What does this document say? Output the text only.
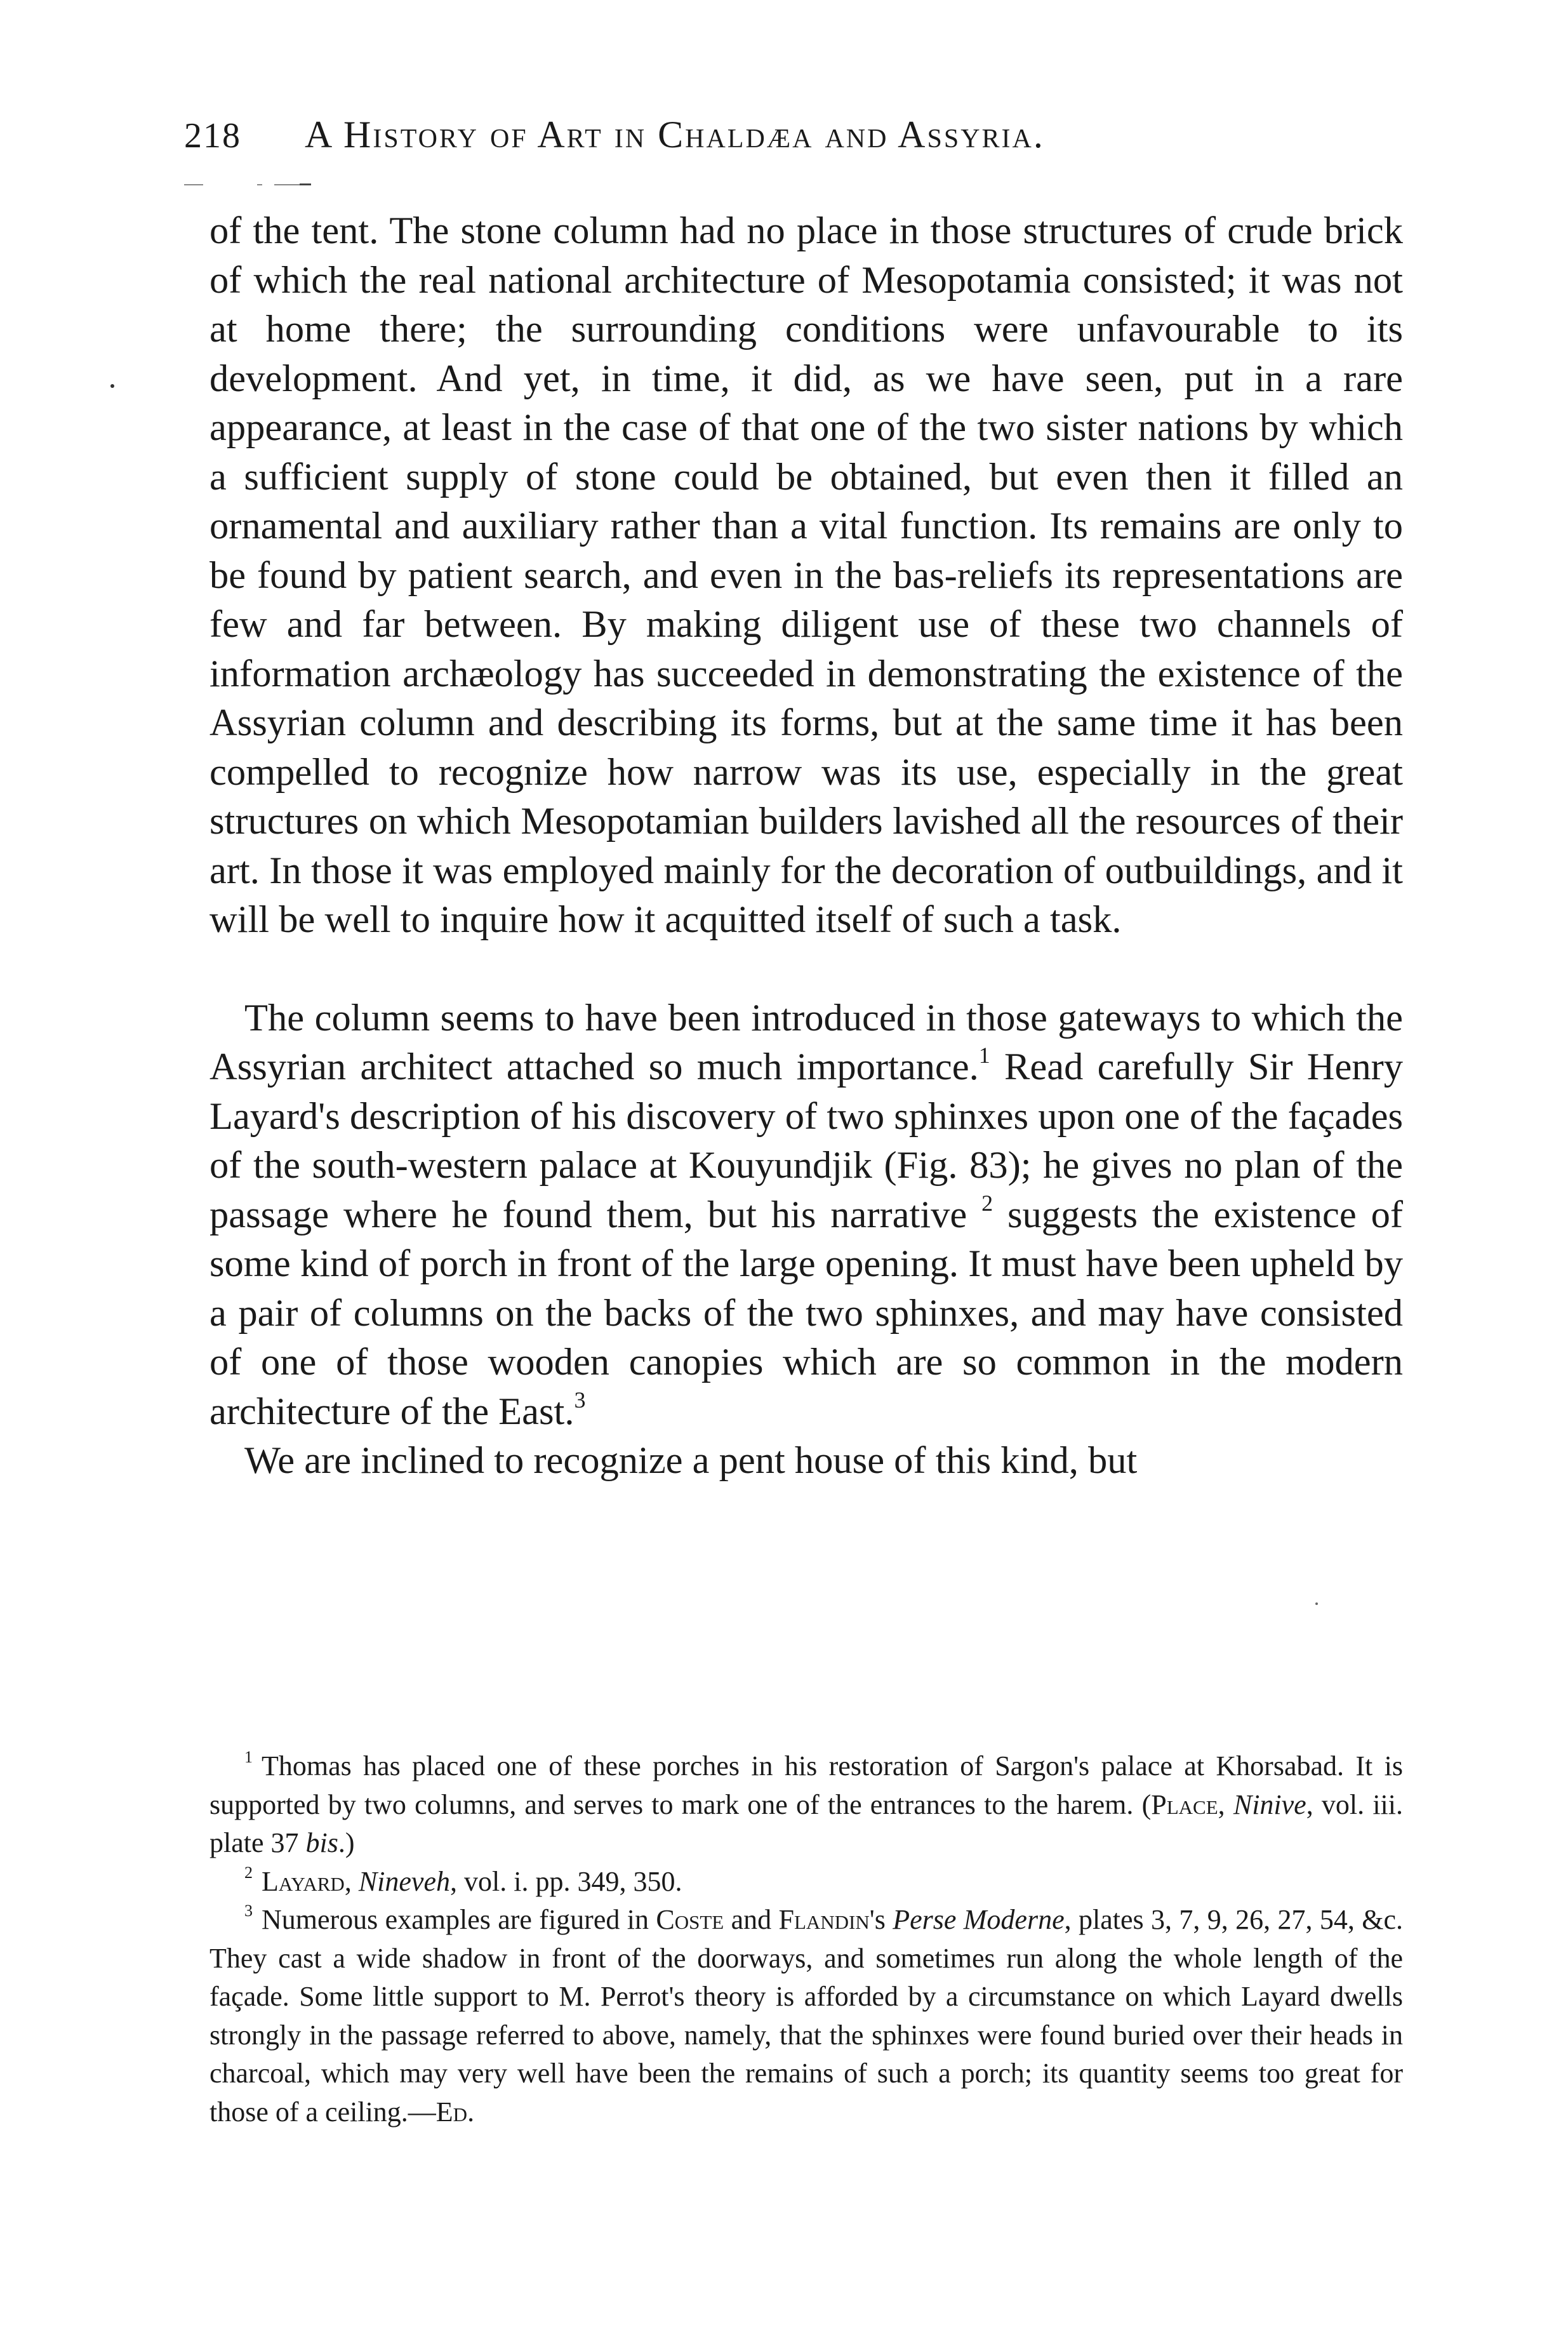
218	A History of Art in Chaldæa and Assyria.

of the tent. The stone column had no place in those structures of crude brick of which the real national architecture of Mesopotamia consisted; it was not at home there; the surrounding conditions were unfavourable to its development. And yet, in time, it did, as we have seen, put in a rare appearance, at least in the case of that one of the two sister nations by which a sufficient supply of stone could be obtained, but even then it filled an ornamental and auxiliary rather than a vital function. Its remains are only to be found by patient search, and even in the bas-reliefs its representations are few and far between. By making diligent use of these two channels of information archæology has succeeded in demonstrating the existence of the Assyrian column and describing its forms, but at the same time it has been compelled to recognize how narrow was its use, especially in the great structures on which Mesopotamian builders lavished all the resources of their art. In those it was employed mainly for the decoration of outbuildings, and it will be well to inquire how it acquitted itself of such a task.

The column seems to have been introduced in those gateways to which the Assyrian architect attached so much importance.$^1$ Read carefully Sir Henry Layard's description of his discovery of two sphinxes upon one of the façades of the south-western palace at Kouyundjik (Fig. 83); he gives no plan of the passage where he found them, but his narrative $^2$ suggests the existence of some kind of porch in front of the large opening. It must have been upheld by a pair of columns on the backs of the two sphinxes, and may have consisted of one of those wooden canopies which are so common in the modern architecture of the East.$^3$

We are inclined to recognize a pent house of this kind, but

$^1$ Thomas has placed one of these porches in his restoration of Sargon's palace at Khorsabad. It is supported by two columns, and serves to mark one of the entrances to the harem. (Place, Ninive, vol. iii. plate 37 bis.)

$^2$ Layard, Nineveh, vol. i. pp. 349, 350.

$^3$ Numerous examples are figured in Coste and Flandin's Perse Moderne, plates 3, 7, 9, 26, 27, 54, &c. They cast a wide shadow in front of the doorways, and sometimes run along the whole length of the façade. Some little support to M. Perrot's theory is afforded by a circumstance on which Layard dwells strongly in the passage referred to above, namely, that the sphinxes were found buried over their heads in charcoal, which may very well have been the remains of such a porch; its quantity seems too great for those of a ceiling.—Ed.
